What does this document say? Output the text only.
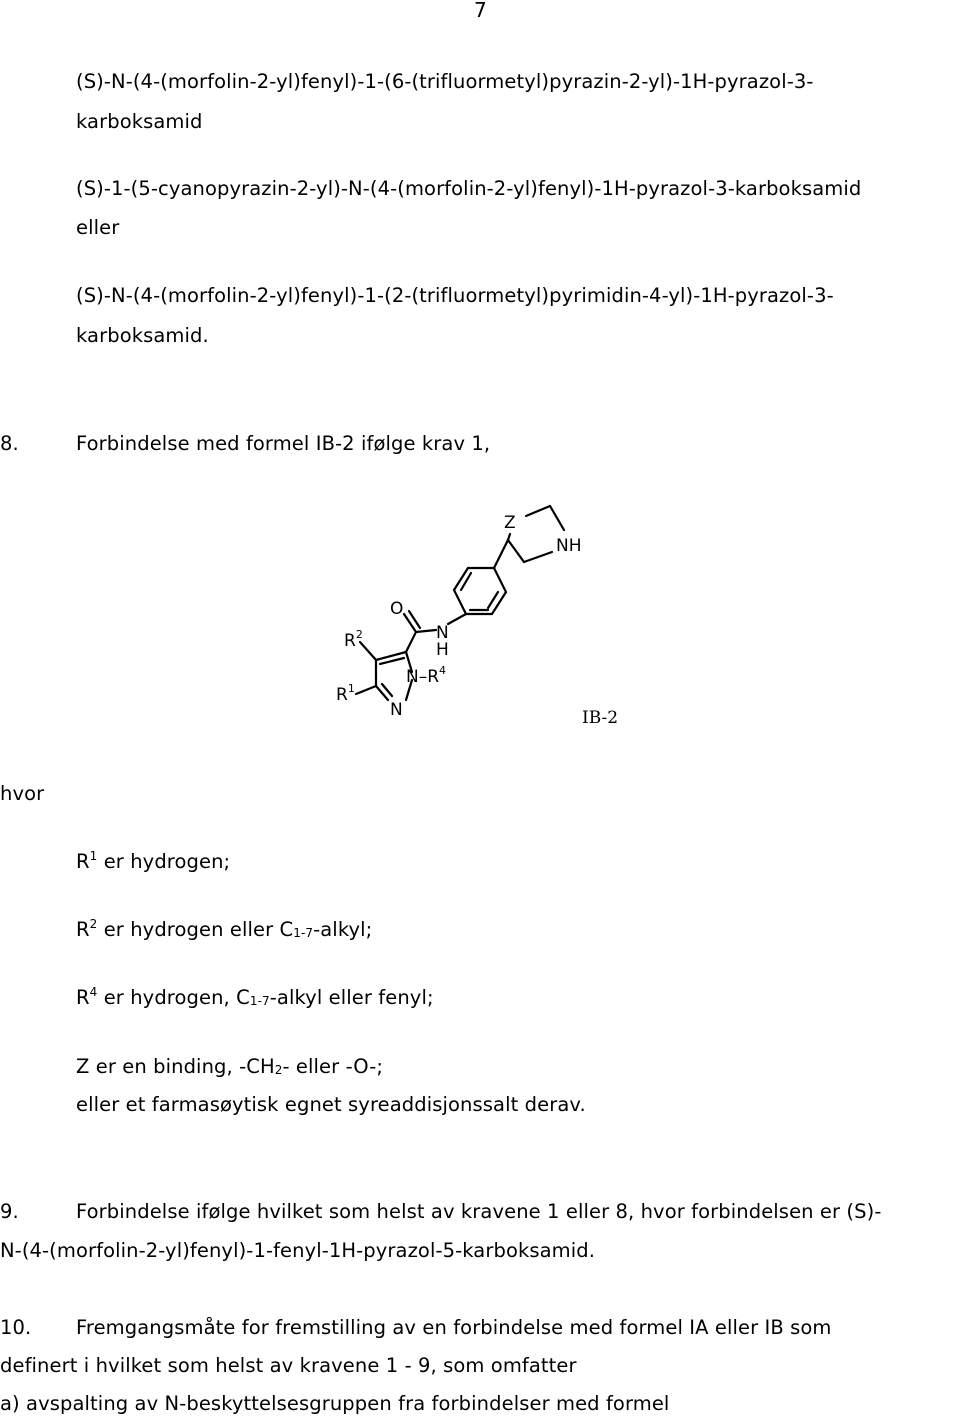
7
(S)-N-(4-(morfolin-2-yl)fenyl)-1-(6-(trifluormetyl)pyrazin-2-yl)-1H-pyrazol-3-
karboksamid
(S)-1-(5-cyanopyrazin-2-yl)-N-(4-(morfolin-2-yl)fenyl)-1H-pyrazol-3-karboksamid
eller
(S)-N-(4-(morfolin-2-yl)fenyl)-1-(2-(trifluormetyl)pyrimidin-4-yl)-1H-pyrazol-3-
karboksamid.
8.	Forbindelse med formel IB-2 ifølge krav 1,
Z
NH
O
N
H
$R^2$
$R^1$
$N-R^4$
N	IB-2
hvor
$R^1$ er hydrogen;
$R^2$ er hydrogen eller $C_{1-7}$-alkyl;
$R^4$ er hydrogen, $C_{1-7}$-alkyl eller fenyl;
Z er en binding, $-CH_2-$ eller -O-;
eller et farmasøytisk egnet syreaddisjonssalt derav.
9.	Forbindelse ifølge hvilket som helst av kravene 1 eller 8, hvor forbindelsen er (S)-
N-(4-(morfolin-2-yl)fenyl)-1-fenyl-1H-pyrazol-5-karboksamid.
10. Fremgangsmåte for fremstilling av en forbindelse med formel IA eller IB som
definert i hvilket som helst av kravene 1 - 9, som omfatter
a) avspalting av N-beskyttelsesgruppen fra forbindelser med formel
